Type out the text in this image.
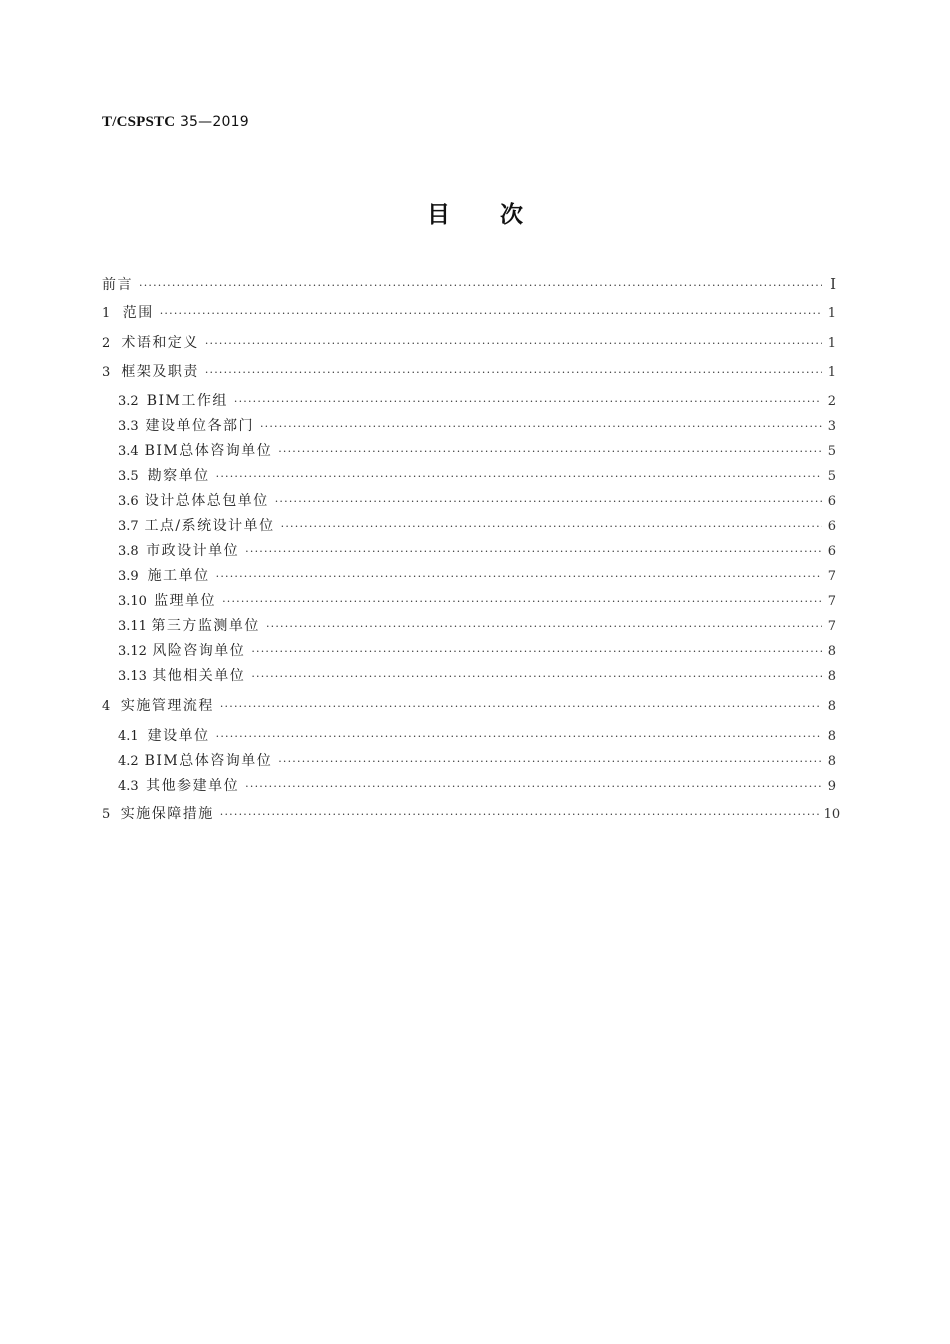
T/CSPSTC 35—2019
目次
前言 ·····	Ⅰ
1 范围 ·····	1
2 术语和定义 ·····	1
3 框架及职责 ·····	1
3.2 BIM工作组 ·····	2
3.3 建设单位各部门 ·····	3
3.4 BIM总体咨询单位 ·····	5
3.5 勘察单位 ·····	5
3.6 设计总体总包单位 ·····	6
3.7 工点/系统设计单位 ·····	6
3.8 市政设计单位 ·····	6
3.9 施工单位 ·····	7
3.10 监理单位 ·····	7
3.11 第三方监测单位 ·····	7
3.12 风险咨询单位 ·····	8
3.13 其他相关单位 ·····	8
4 实施管理流程 ·····	8
4.1 建设单位 ·····	8
4.2 BIM总体咨询单位 ·····	8
4.3 其他参建单位 ·····	9
5 实施保障措施 ·····	10
